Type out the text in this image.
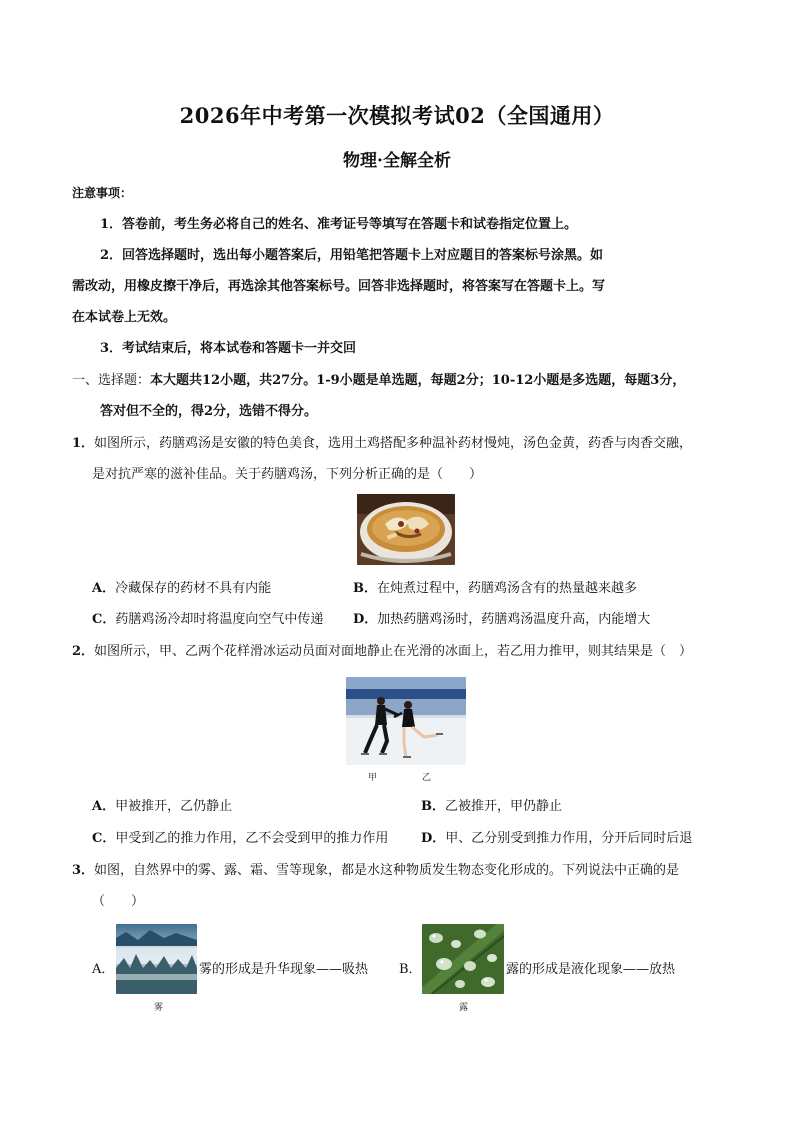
2026年中考第一次模拟考试02（全国通用）
物理·全解全析
注意事项：
1．答卷前，考生务必将自己的姓名、准考证号等填写在答题卡和试卷指定位置上。
2．回答选择题时，选出每小题答案后，用铅笔把答题卡上对应题目的答案标号涂黑。如
需改动，用橡皮擦干净后，再选涂其他答案标号。回答非选择题时，将答案写在答题卡上。写
在本试卷上无效。
3．考试结束后，将本试卷和答题卡一并交回
一、选择题：本大题共12小题，共27分。1-9小题是单选题，每题2分；10-12小题是多选题，每题3分，
答对但不全的，得2分，选错不得分。
1．如图所示，药膳鸡汤是安徽的特色美食，选用土鸡搭配多种温补药材慢炖，汤色金黄，药香与肉香交融，
是对抗严寒的滋补佳品。关于药膳鸡汤，下列分析正确的是（　　）
A．冷藏保存的药材不具有内能	B．在炖煮过程中，药膳鸡汤含有的热量越来越多
C．药膳鸡汤冷却时将温度向空气中传递 D．加热药膳鸡汤时，药膳鸡汤温度升高，内能增大
2．如图所示，甲、乙两个花样滑冰运动员面对面地静止在光滑的冰面上，若乙用力推甲，则其结果是（　）
甲	乙
A．甲被推开，乙仍静止	B．乙被推开，甲仍静止
C．甲受到乙的推力作用，乙不会受到甲的推力作用	D．甲、乙分别受到推力作用，分开后同时后退
3．如图，自然界中的雾、露、霜、雪等现象，都是水这种物质发生物态变化形成的。下列说法中正确的是
（　　）
A．	雾的形成是升华现象——吸热
雾
B．	露的形成是液化现象——放热
露
